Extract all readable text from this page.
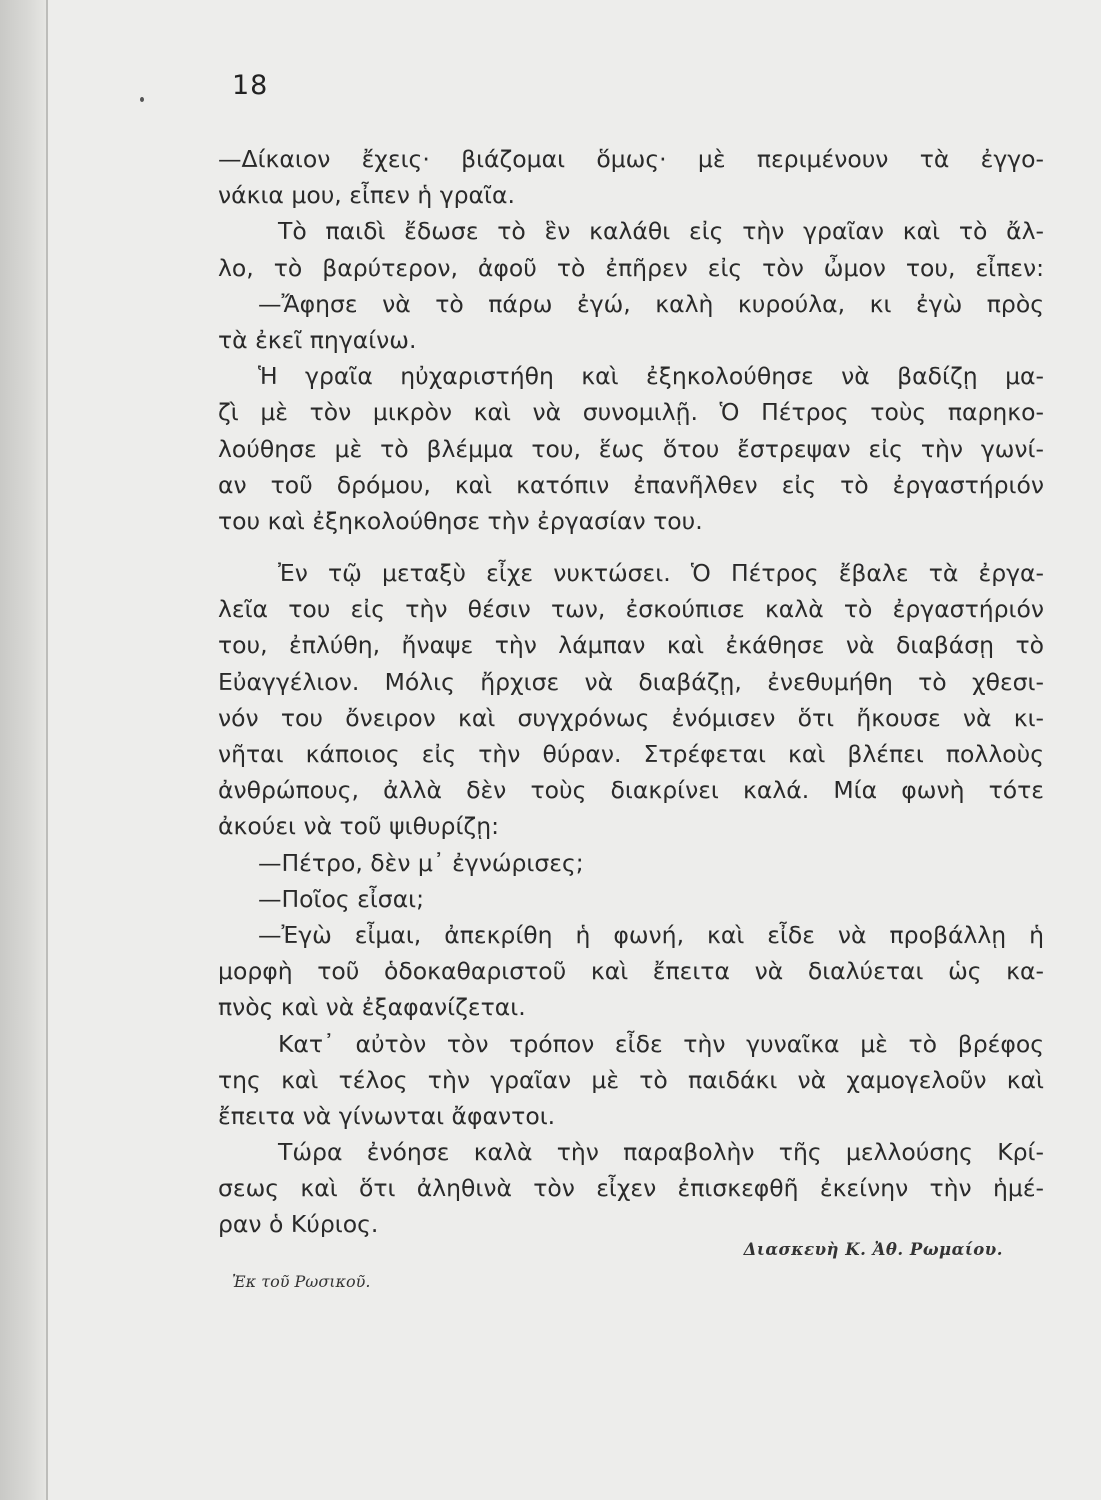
18
—Δίκαιον ἔχεις· βιάζομαι ὅμως· μὲ περιμένουν τὰ ἐγγο-
νάκια μου, εἶπεν ἡ γραῖα.
Τὸ παιδὶ ἔδωσε τὸ ἓν καλάθι εἰς τὴν γραῖαν καὶ τὸ ἄλ-
λο, τὸ βαρύτερον, ἀφοῦ τὸ ἐπῆρεν εἰς τὸν ὦμον του, εἶπεν:
—Ἄφησε νὰ τὸ πάρω ἐγώ, καλὴ κυρούλα, κι ἐγὼ πρὸς
τὰ ἐκεῖ πηγαίνω.
Ἡ γραῖα ηὐχαριστήθη καὶ ἐξηκολούθησε νὰ βαδίζῃ μα-
ζὶ μὲ τὸν μικρὸν καὶ νὰ συνομιλῇ. Ὁ Πέτρος τοὺς παρηκο-
λούθησε μὲ τὸ βλέμμα του, ἕως ὅτου ἔστρεψαν εἰς τὴν γωνί-
αν τοῦ δρόμου, καὶ κατόπιν ἐπανῆλθεν εἰς τὸ ἐργαστήριόν
του καὶ ἐξηκολούθησε τὴν ἐργασίαν του.
Ἐν τῷ μεταξὺ εἶχε νυκτώσει. Ὁ Πέτρος ἔβαλε τὰ ἐργα-
λεῖα του εἰς τὴν θέσιν των, ἐσκούπισε καλὰ τὸ ἐργαστήριόν
του, ἐπλύθη, ἤναψε τὴν λάμπαν καὶ ἐκάθησε νὰ διαβάσῃ τὸ
Εὐαγγέλιον. Μόλις ἤρχισε νὰ διαβάζῃ, ἐνεθυμήθη τὸ χθεσι-
νόν του ὄνειρον καὶ συγχρόνως ἐνόμισεν ὅτι ἤκουσε νὰ κι-
νῆται κάποιος εἰς τὴν θύραν. Στρέφεται καὶ βλέπει πολλοὺς
ἀνθρώπους, ἀλλὰ δὲν τοὺς διακρίνει καλά. Μία φωνὴ τότε
ἀκούει νὰ τοῦ ψιθυρίζῃ:
—Πέτρο, δὲν μ᾽ ἐγνώρισες;
—Ποῖος εἶσαι;
—Ἐγὼ εἶμαι, ἀπεκρίθη ἡ φωνή, καὶ εἶδε νὰ προβάλλῃ ἡ
μορφὴ τοῦ ὁδοκαθαριστοῦ καὶ ἔπειτα νὰ διαλύεται ὡς κα-
πνὸς καὶ νὰ ἐξαφανίζεται.
Κατ᾽ αὐτὸν τὸν τρόπον εἶδε τὴν γυναῖκα μὲ τὸ βρέφος
της καὶ τέλος τὴν γραῖαν μὲ τὸ παιδάκι νὰ χαμογελοῦν καὶ
ἔπειτα νὰ γίνωνται ἄφαντοι.
Τώρα ἐνόησε καλὰ τὴν παραβολὴν τῆς μελλούσης Κρί-
σεως καὶ ὅτι ἀληθινὰ τὸν εἶχεν ἐπισκεφθῆ ἐκείνην τὴν ἡμέ-
ραν ὁ Κύριος.
Διασκευὴ Κ. Ἀθ. Ρωμαίου.
Ἐκ τοῦ Ρωσικοῦ.
